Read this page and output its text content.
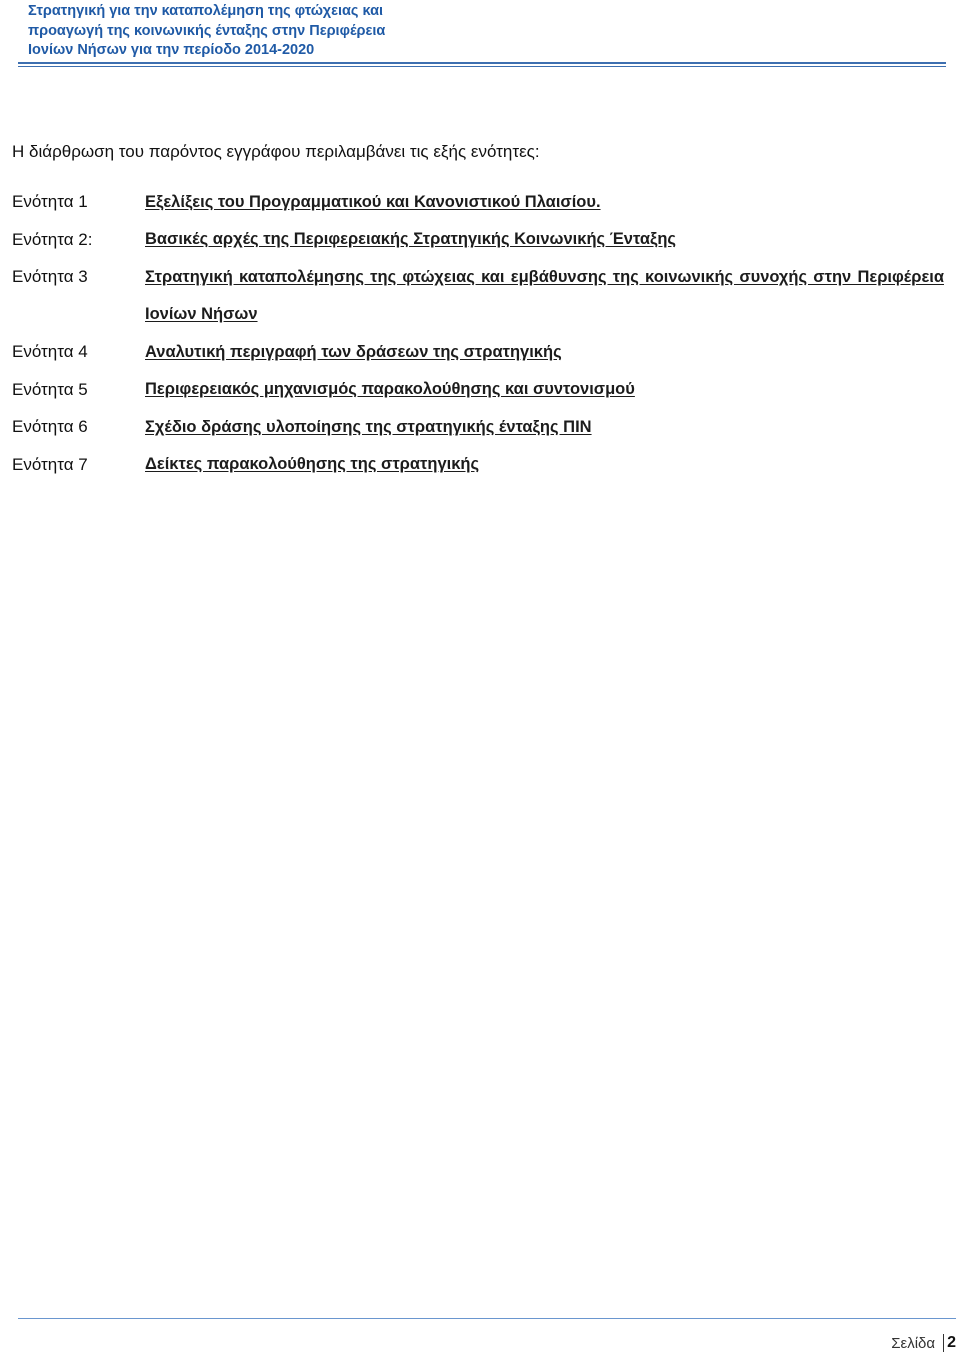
Στρατηγική για την καταπολέμηση της φτώχειας και
προαγωγή της κοινωνικής ένταξης στην Περιφέρεια
Ιονίων Νήσων για την περίοδο 2014-2020
Η διάρθρωση του παρόντος εγγράφου περιλαμβάνει τις εξής ενότητες:
Ενότητα 1	Εξελίξεις του Προγραμματικού και Κανονιστικού Πλαισίου.
Ενότητα 2:	Βασικές αρχές της Περιφερειακής Στρατηγικής Κοινωνικής Ένταξης
Ενότητα 3	Στρατηγική καταπολέμησης της φτώχειας και εμβάθυνσης της κοινωνικής συνοχής στην Περιφέρεια Ιονίων Νήσων
Ενότητα 4	Αναλυτική περιγραφή των δράσεων της στρατηγικής
Ενότητα 5	Περιφερειακός μηχανισμός παρακολούθησης και συντονισμού
Ενότητα 6	Σχέδιο δράσης υλοποίησης της στρατηγικής ένταξης ΠΙΝ
Ενότητα 7	Δείκτες παρακολούθησης της στρατηγικής
Σελίδα 2
